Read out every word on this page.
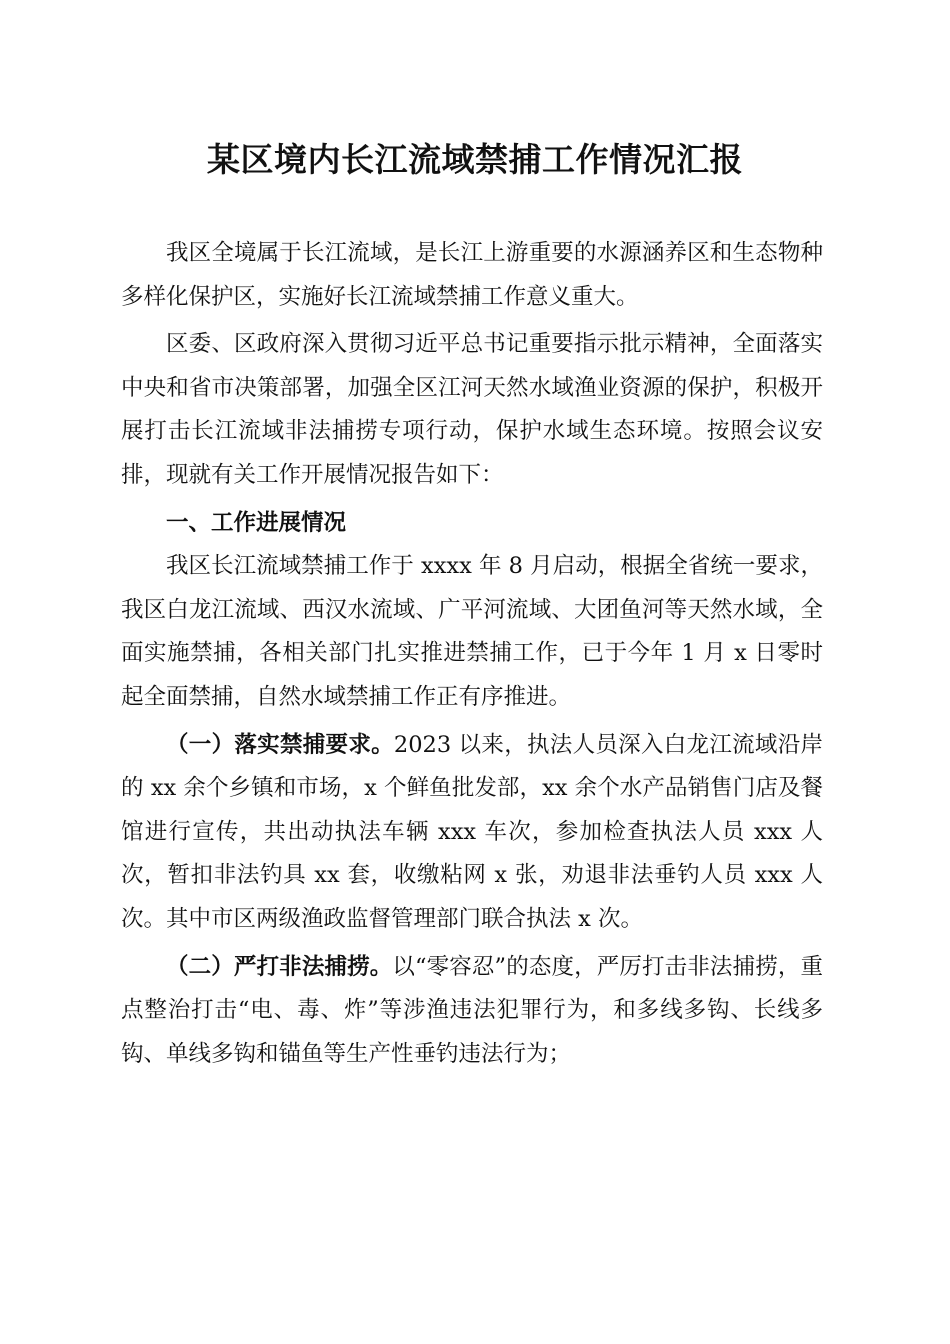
某区境内长江流域禁捕工作情况汇报

我区全境属于长江流域，是长江上游重要的水源涵养区和生态物种多样化保护区，实施好长江流域禁捕工作意义重大。

区委、区政府深入贯彻习近平总书记重要指示批示精神，全面落实中央和省市决策部署，加强全区江河天然水域渔业资源的保护，积极开展打击长江流域非法捕捞专项行动，保护水域生态环境。按照会议安排，现就有关工作开展情况报告如下：

一、工作进展情况

我区长江流域禁捕工作于 xxxx 年 8 月启动，根据全省统一要求，我区白龙江流域、西汉水流域、广平河流域、大团鱼河等天然水域，全面实施禁捕，各相关部门扎实推进禁捕工作，已于今年 1 月 x 日零时起全面禁捕，自然水域禁捕工作正有序推进。

（一）落实禁捕要求。2023 以来，执法人员深入白龙江流域沿岸的 xx 余个乡镇和市场，x 个鲜鱼批发部，xx 余个水产品销售门店及餐馆进行宣传，共出动执法车辆 xxx 车次，参加检查执法人员 xxx 人次，暂扣非法钓具 xx 套，收缴粘网 x 张，劝退非法垂钓人员 xxx 人次。其中市区两级渔政监督管理部门联合执法 x 次。

（二）严打非法捕捞。以“零容忍”的态度，严厉打击非法捕捞，重点整治打击“电、毒、炸”等涉渔违法犯罪行为，和多线多钩、长线多钩、单线多钩和锚鱼等生产性垂钓违法行为；
